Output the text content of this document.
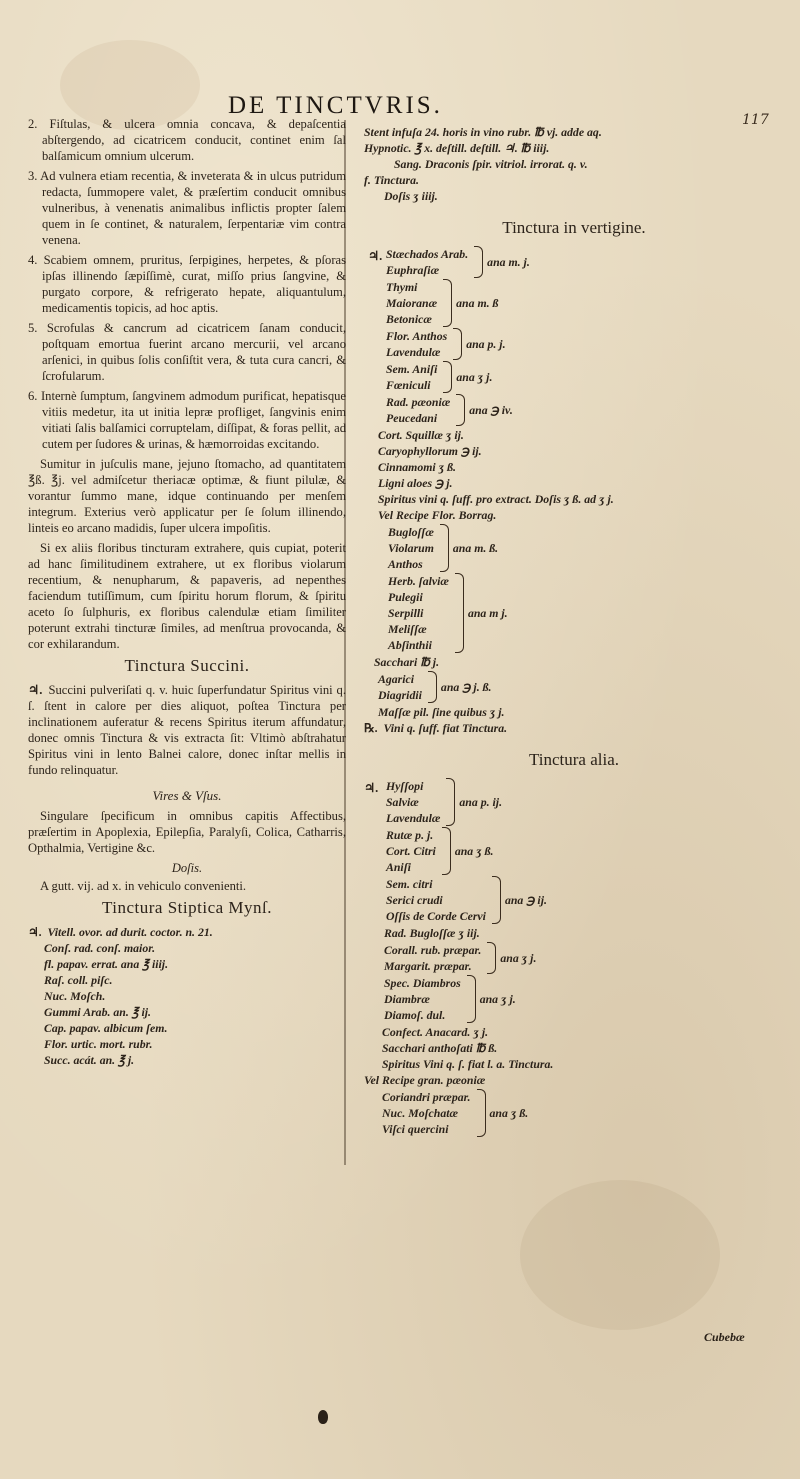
DE TINCTVRIS.
117

2. Fiſtulas, & ulcera omnia concava, & depaſcentia abſtergendo, ad cicatricem conducit, continet enim ſal balſamicum omnium ulcerum.

3. Ad vulnera etiam recentia, & inveterata & in ulcus putridum redacta, ſummopere valet, & præſertim conducit omnibus vulneribus, à venenatis animalibus inflictis propter ſalem quem in ſe continet, & naturalem, ſerpentariæ vim contra venena.

4. Scabiem omnem, pruritus, ſerpigines, herpetes, & pſoras ipſas illinendo ſæpiſſimè, curat, miſſo prius ſangvine, & purgato corpore, & refrigerato hepate, aliquantulum, medicamentis topicis, ad hoc aptis.

5. Scrofulas & cancrum ad cicatricem ſanam conducit, poſtquam emortua fuerint arcano mercurii, vel arcano arſenici, in quibus ſolis conſiſtit vera, & tuta cura cancri, & ſcrofularum.

6. Internè ſumptum, ſangvinem admodum purificat, hepatisque vitiis medetur, ita ut initia lepræ profliget, ſangvinis enim vitiati ſalis balſamici corruptelam, diſſipat, & foras pellit, ad cutem per ſudores & urinas, & hæmorroidas excitando.

Sumitur in juſculis mane, jejuno ſtomacho, ad quantitatem ℥ß. ℥j. vel admiſcetur theriacæ optimæ, & fiunt pilulæ, & vorantur ſummo mane, idque continuando per menſem integrum. Exterius verò applicatur per ſe ſolum illinendo, linteis eo arcano madidis, ſuper ulcera impoſitis.

Si ex aliis floribus tincturam extrahere, quis cupiat, poterit ad hanc ſimilitudinem extrahere, ut ex floribus violarum recentium, & nenupharum, & papaveris, ad nepenthes faciendum tutiſſimum, cum ſpiritu horum florum, & ſpiritu aceto ſo ſulphuris, ex floribus calendulæ etiam ſimiliter poterunt extrahi tincturæ ſimiles, ad menſtrua provocanda, & cor exhilarandum.

Tinctura Succini.

♃. Succini pulveriſati q. v. huic ſuperfundatur Spiritus vini q. ſ. ſtent in calore per dies aliquot, poſtea Tinctura per inclinationem auferatur & recens Spiritus iterum affundatur, donec omnis Tinctura & vis extracta ſit: Vltimò abſtrahatur Spiritus vini in lento Balnei calore, donec inſtar mellis in fundo relinquatur.

Vires & Vſus.

Singulare ſpecificum in omnibus capitis Affectibus, præſertim in Apoplexia, Epilepſia, Paralyſi, Colica, Catharris, Opthalmia, Vertigine &c.

Doſis.

A gutt. vij. ad x. in vehiculo convenienti.

Tinctura Stiptica Mynſ.

♃. Vitell. ovor. ad durit. coctor. n. 21.

Conſ. rad. conſ. maior.

fl. papav. errat. ana ℥ iiij.

Raſ. coll. piſc.

Nuc. Moſch.

Gummi Arab. an. ℥ ij.

Cap. papav. albicum ſem.

Flor. urtic. mort. rubr.

Succ. acát. an. ℥ j.

Stent infuſa 24. horis in vino rubr. ℔ vj. adde aq.

Hypnotic. ℥ x. deſtill. deſtill. ♃. ℔ iiij.

Sang. Draconis ſpir. vitriol. irrorat. q. v.

f. Tinctura.

Doſis ʒ iiij.

Tinctura in vertigine.
♃. Stæchados Arab.

Euphraſiæ

ana m. j.

Thymi

Maioranæ

Betonicæ

ana m. ß

Flor. Anthos

Lavendulæ

ana p. j.

Sem. Aniſi

Fœniculi

ana ʒ j.

Rad. pæoniæ

Peucedani

ana ℈ iv.

Cort. Squillæ ʒ ij.

Caryophyllorum ℈ ij.

Cinnamomi ʒ ß.

Ligni aloes ℈ j.

Spiritus vini q. ſuff. pro extract. Doſis ʒ ß. ad ʒ j.

Vel Recipe Flor. Borrag.

Bugloſſæ

Violarum

Anthos

ana m. ß.

Herb. ſalviæ

Pulegii

Serpilli

Meliſſæ

Abſinthii

ana m j.

Sacchari ℔ j.

Agarici

Diagridii

ana ℈ j. ß.

Maſſæ pil. ſine quibus ʒ j.

℞. Vini q. ſuff. fiat Tinctura.

Tinctura alia.
♃. Hyſſopi

Salviæ

Lavendulæ

ana p. ij.

Rutæ p. j.

Cort. Citri

Aniſi

ana ʒ ß.

Sem. citri

Serici crudi

Oſſis de Corde Cervi

ana ℈ ij.

Rad. Bugloſſæ ʒ iij.

Corall. rub. præpar.

Margarit. præpar.

ana ʒ j.

Spec. Diambros

Diambræ

Diamoſ. dul.

ana ʒ j.

Confect. Anacard. ʒ j.

Sacchari anthoſati ℔ ß.

Spiritus Vini q. ſ. fiat l. a. Tinctura.

Vel Recipe gran. pæoniæ

Coriandri præpar.

Nuc. Moſchatæ

Viſci quercini

ana ʒ ß.
Cubebæ
